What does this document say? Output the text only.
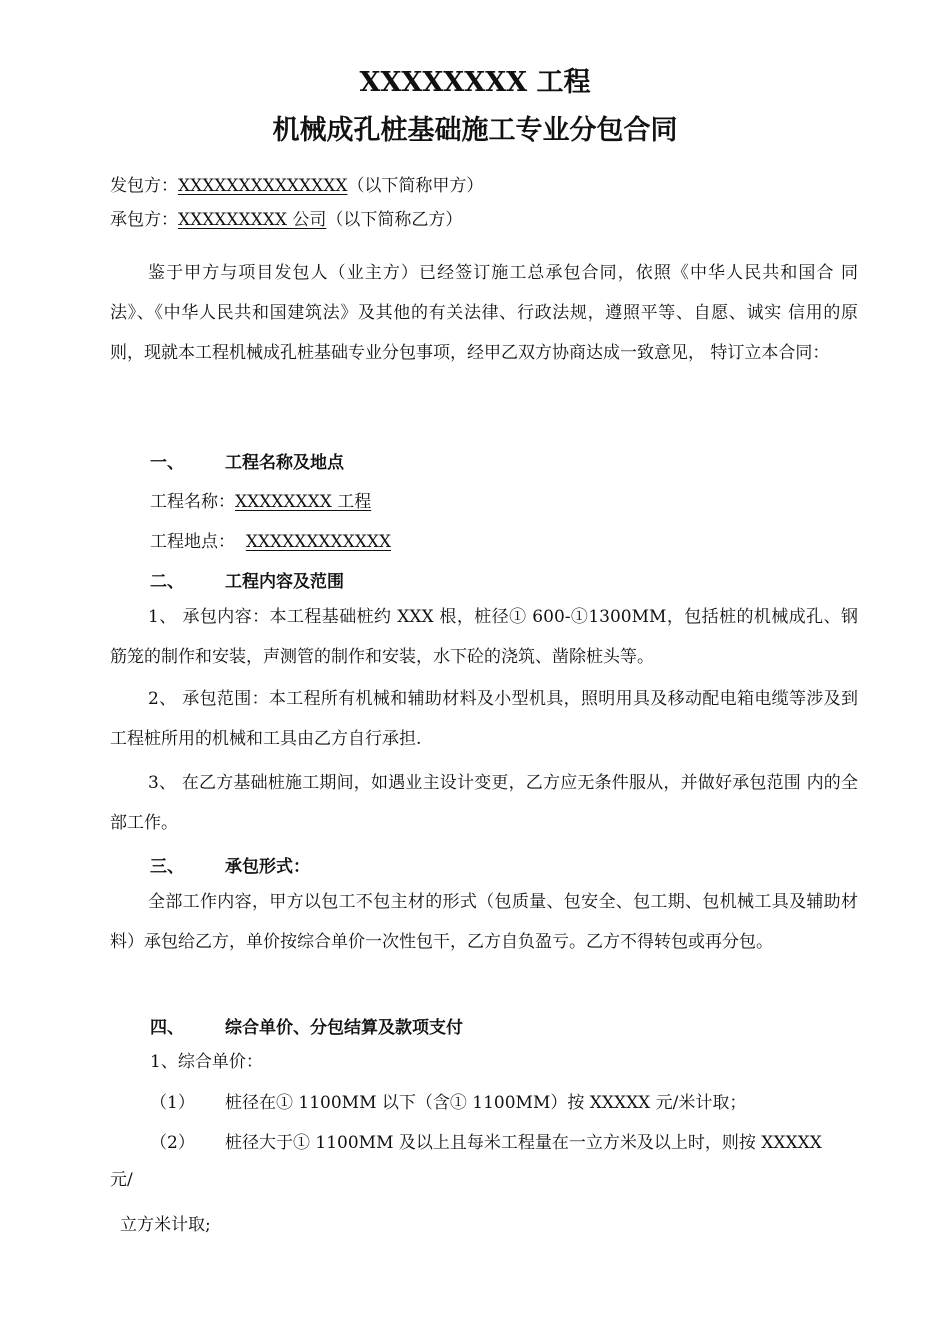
XXXXXXXX 工程
机械成孔桩基础施工专业分包合同
发包方：XXXXXXXXXXXXXX（以下简称甲方）
承包方：XXXXXXXXX 公司（以下简称乙方）

鉴于甲方与项目发包人（业主方）已经签订施工总承包合同，依照《中华人民共和国合 同法》、《中华人民共和国建筑法》及其他的有关法律、行政法规，遵照平等、自愿、诚实 信用的原则，现就本工程机械成孔桩基础专业分包事项，经甲乙双方协商达成一致意见， 特订立本合同：

一、 工程名称及地点
工程名称：XXXXXXXX 工程
工程地点： XXXXXXXXXXXX
二、 工程内容及范围

1、 承包内容：本工程基础桩约 XXX 根，桩径① 600-①1300MM，包括桩的机械成孔、钢筋笼的制作和安装，声测管的制作和安装，水下砼的浇筑、凿除桩头等。

2、 承包范围：本工程所有机械和辅助材料及小型机具，照明用具及移动配电箱电缆等涉及到工程桩所用的机械和工具由乙方自行承担.

3、 在乙方基础桩施工期间，如遇业主设计变更，乙方应无条件服从，并做好承包范围 内的全部工作。

三、 承包形式：

全部工作内容，甲方以包工不包主材的形式（包质量、包安全、包工期、包机械工具及辅助材料）承包给乙方，单价按综合单价一次性包干，乙方自负盈亏。乙方不得转包或再分包。

四、 综合单价、分包结算及款项支付
1、综合单价：
（1） 桩径在① 1100MM 以下（含① 1100MM）按 XXXXX 元/米计取；
（2） 桩径大于① 1100MM 及以上且每米工程量在一立方米及以上时，则按 XXXXX
元/
立方米计取;
